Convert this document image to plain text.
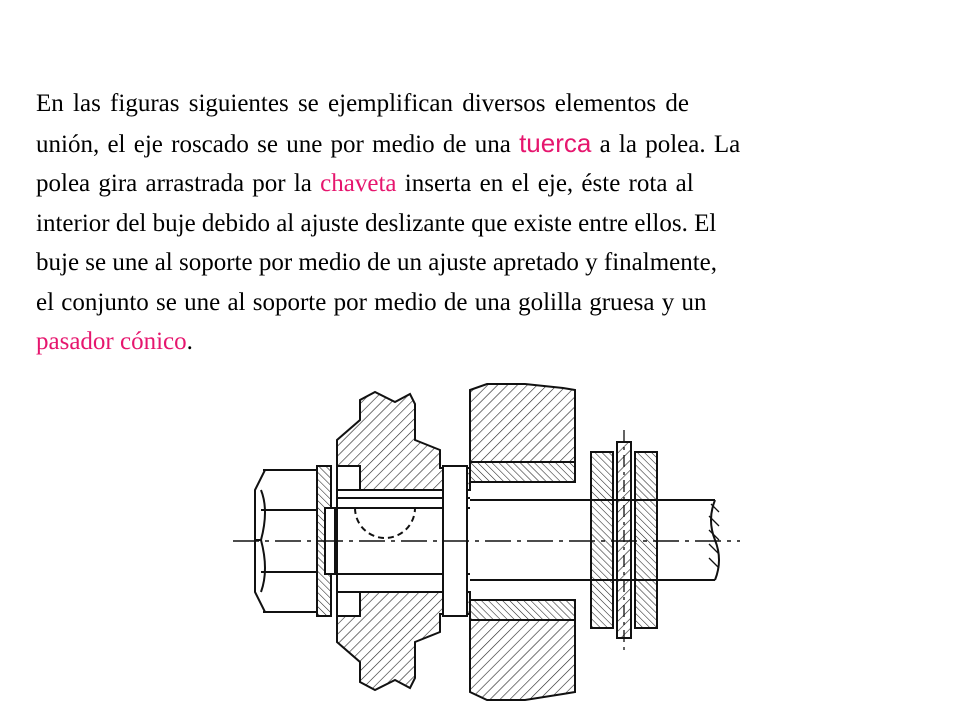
En las figuras siguientes se ejemplifican diversos elementos de
unión, el eje roscado se une por medio de una tuerca a la polea. La
polea gira arrastrada por la chaveta inserta en el eje, éste rota al
interior del buje debido al ajuste deslizante que existe entre ellos. El
buje se une al soporte por medio de un ajuste apretado y finalmente,
el conjunto se une al soporte por medio de una golilla gruesa y un
pasador cónico.
